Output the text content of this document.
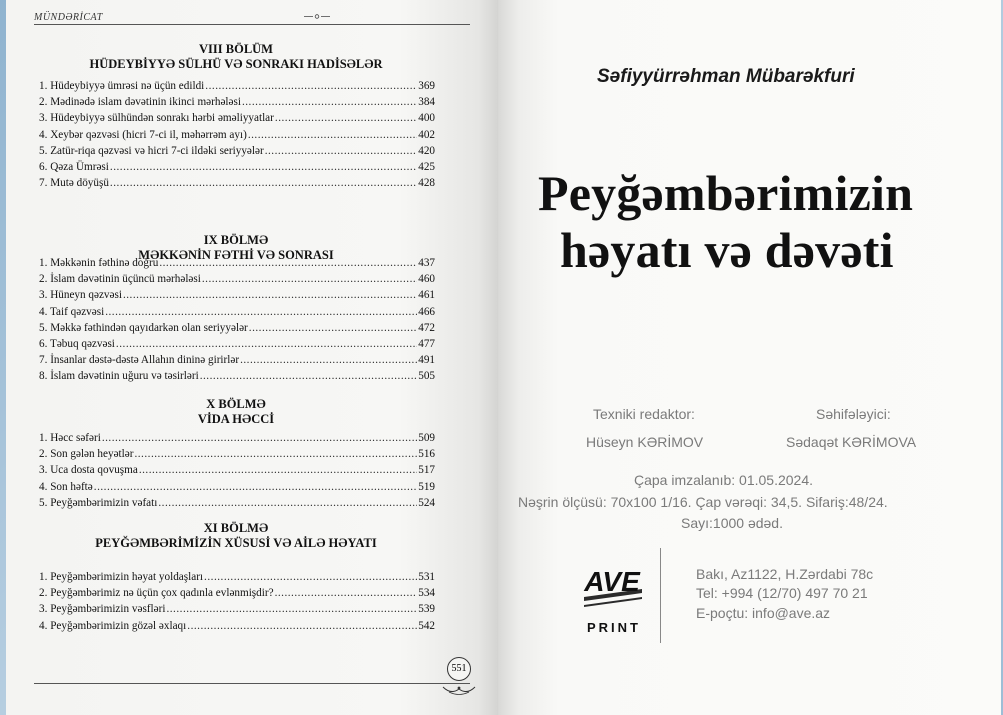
MÜNDƏRİCAT
VIII BÖLÜM
HÜDEYBİYYƏ SÜLHÜ VƏ SONRAKI HADİSƏLƏR
1. Hüdeybiyyə ümrəsi nə üçün edildi .....	369
2. Mədinədə islam dəvətinin ikinci mərhələsi .....	384
3. Hüdeybiyyə sülhündən sonrakı hərbi əməliyyatlar .....	400
4. Xeybər qəzvəsi (hicri 7-ci il, məhərrəm ayı) .....	402
5. Zatür-riqa qəzvəsi və hicri 7-ci ildəki seriyyələr .....	420
6. Qəza Ümrəsi .....	425
7. Mutə döyüşü .....	428
IX BÖLMƏ
MƏKKƏNİN FƏTHİ VƏ SONRASI
1. Məkkənin fəthinə doğru .....	437
2. İslam dəvətinin üçüncü mərhələsi .....	460
3. Hüneyn qəzvəsi .....	461
4. Taif qəzvəsi .....	466
5. Məkkə fəthindən qayıdarkən olan seriyyələr .....	472
6. Təbuq qəzvəsi .....	477
7. İnsanlar dəstə-dəstə Allahın dininə girirlər .....	491
8. İslam dəvətinin uğuru və təsirləri .....	505
X BÖLMƏ
VİDA HƏCCİ
1. Həcc səfəri .....	509
2. Son gələn heyətlər .....	516
3. Uca dosta qovuşma .....	517
4. Son həftə .....	519
5. Peyğəmbərimizin vəfatı .....	524
XI BÖLMƏ
PEYĞƏMBƏRİMİZİN XÜSUSİ VƏ AİLƏ HƏYATI
1. Peyğəmbərimizin həyat yoldaşları .....	531
2. Peyğəmbərimiz nə üçün çox qadınla evlənmişdir? .....	534
3. Peyğəmbərimizin vəsfləri .....	539
4. Peyğəmbərimizin gözəl əxlaqı .....	542
551
Səfiyyürrəhman Mübarəkfuri
Peyğəmbərimizin
həyatı və dəvəti
Texniki redaktor:
Hüseyn KƏRİMOV
Səhifələyici:
Sədaqət KƏRİMOVA
Çapa imzalanıb: 01.05.2024.
Nəşrin ölçüsü: 70x100 1/16. Çap vərəqi: 34,5. Sifariş:48/24.
Sayı:1000 ədəd.
AVE
PRINT
Bakı, Az1122, H.Zərdabi 78c
Tel: +994 (12/70) 497 70 21
E-poçtu: info@ave.az
